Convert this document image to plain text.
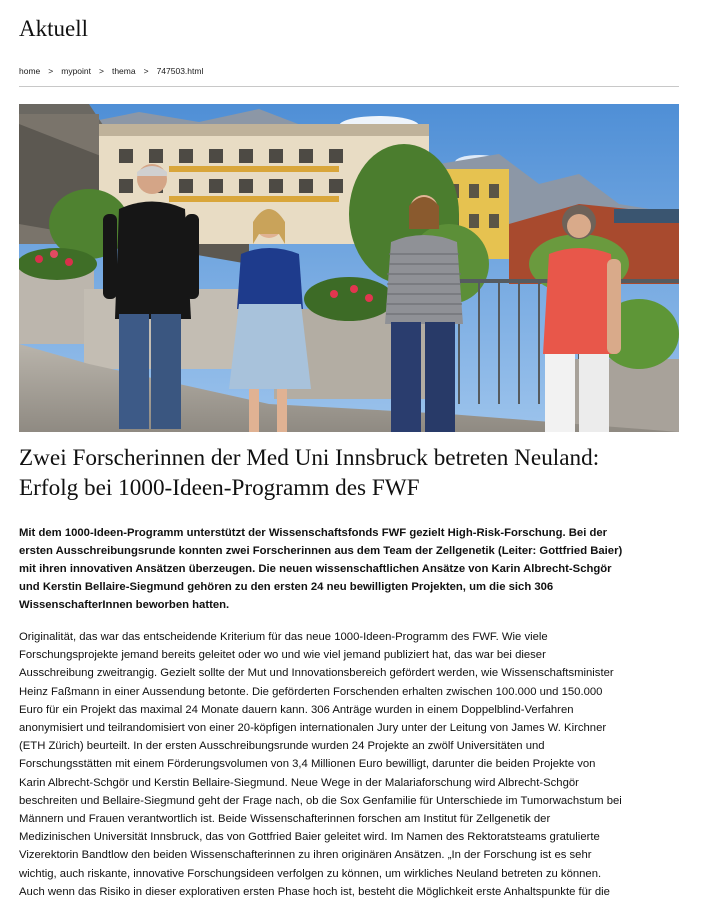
Aktuell
home > mypoint > thema > 747503.html
Zwei Forscherinnen der Med Uni Innsbruck betreten Neuland:
Erfolg bei 1000-Ideen-Programm des FWF

Mit dem 1000-Ideen-Programm unterstützt der Wissenschaftsfonds FWF gezielt High-Risk-Forschung. Bei der
ersten Ausschreibungsrunde konnten zwei Forscherinnen aus dem Team der Zellgenetik (Leiter: Gottfried Baier)
mit ihren innovativen Ansätzen überzeugen. Die neuen wissenschaftlichen Ansätze von Karin Albrecht-Schgör
und Kerstin Bellaire-Siegmund gehören zu den ersten 24 neu bewilligten Projekten, um die sich 306
WissenschafterInnen beworben hatten.

Originalität, das war das entscheidende Kriterium für das neue 1000-Ideen-Programm des FWF. Wie viele
Forschungsprojekte jemand bereits geleitet oder wo und wie viel jemand publiziert hat, das war bei dieser
Ausschreibung zweitrangig. Gezielt sollte der Mut und Innovationsbereich gefördert werden, wie Wissenschaftsminister
Heinz Faßmann in einer Aussendung betonte. Die geförderten Forschenden erhalten zwischen 100.000 und 150.000
Euro für ein Projekt das maximal 24 Monate dauern kann. 306 Anträge wurden in einem Doppelblind-Verfahren
anonymisiert und teilrandomisiert von einer 20-köpfigen internationalen Jury unter der Leitung von James W. Kirchner
(ETH Zürich) beurteilt. In der ersten Ausschreibungsrunde wurden 24 Projekte an zwölf Universitäten und
Forschungsstätten mit einem Förderungsvolumen von 3,4 Millionen Euro bewilligt, darunter die beiden Projekte von
Karin Albrecht-Schgör und Kerstin Bellaire-Siegmund. Neue Wege in der Malariaforschung wird Albrecht-Schgör
beschreiten und Bellaire-Siegmund geht der Frage nach, ob die Sox Genfamilie für Unterschiede im Tumorwachstum bei
Männern und Frauen verantwortlich ist. Beide Wissenschafterinnen forschen am Institut für Zellgenetik der
Medizinischen Universität Innsbruck, das von Gottfried Baier geleitet wird. Im Namen des Rektoratsteams gratulierte
Vizerektorin Bandtlow den beiden Wissenschafterinnen zu ihren originären Ansätzen. „In der Forschung ist es sehr
wichtig, auch riskante, innovative Forschungsideen verfolgen zu können, um wirkliches Neuland betreten zu können.
Auch wenn das Risiko in dieser explorativen ersten Phase hoch ist, besteht die Möglichkeit erste Anhaltspunkte für die
